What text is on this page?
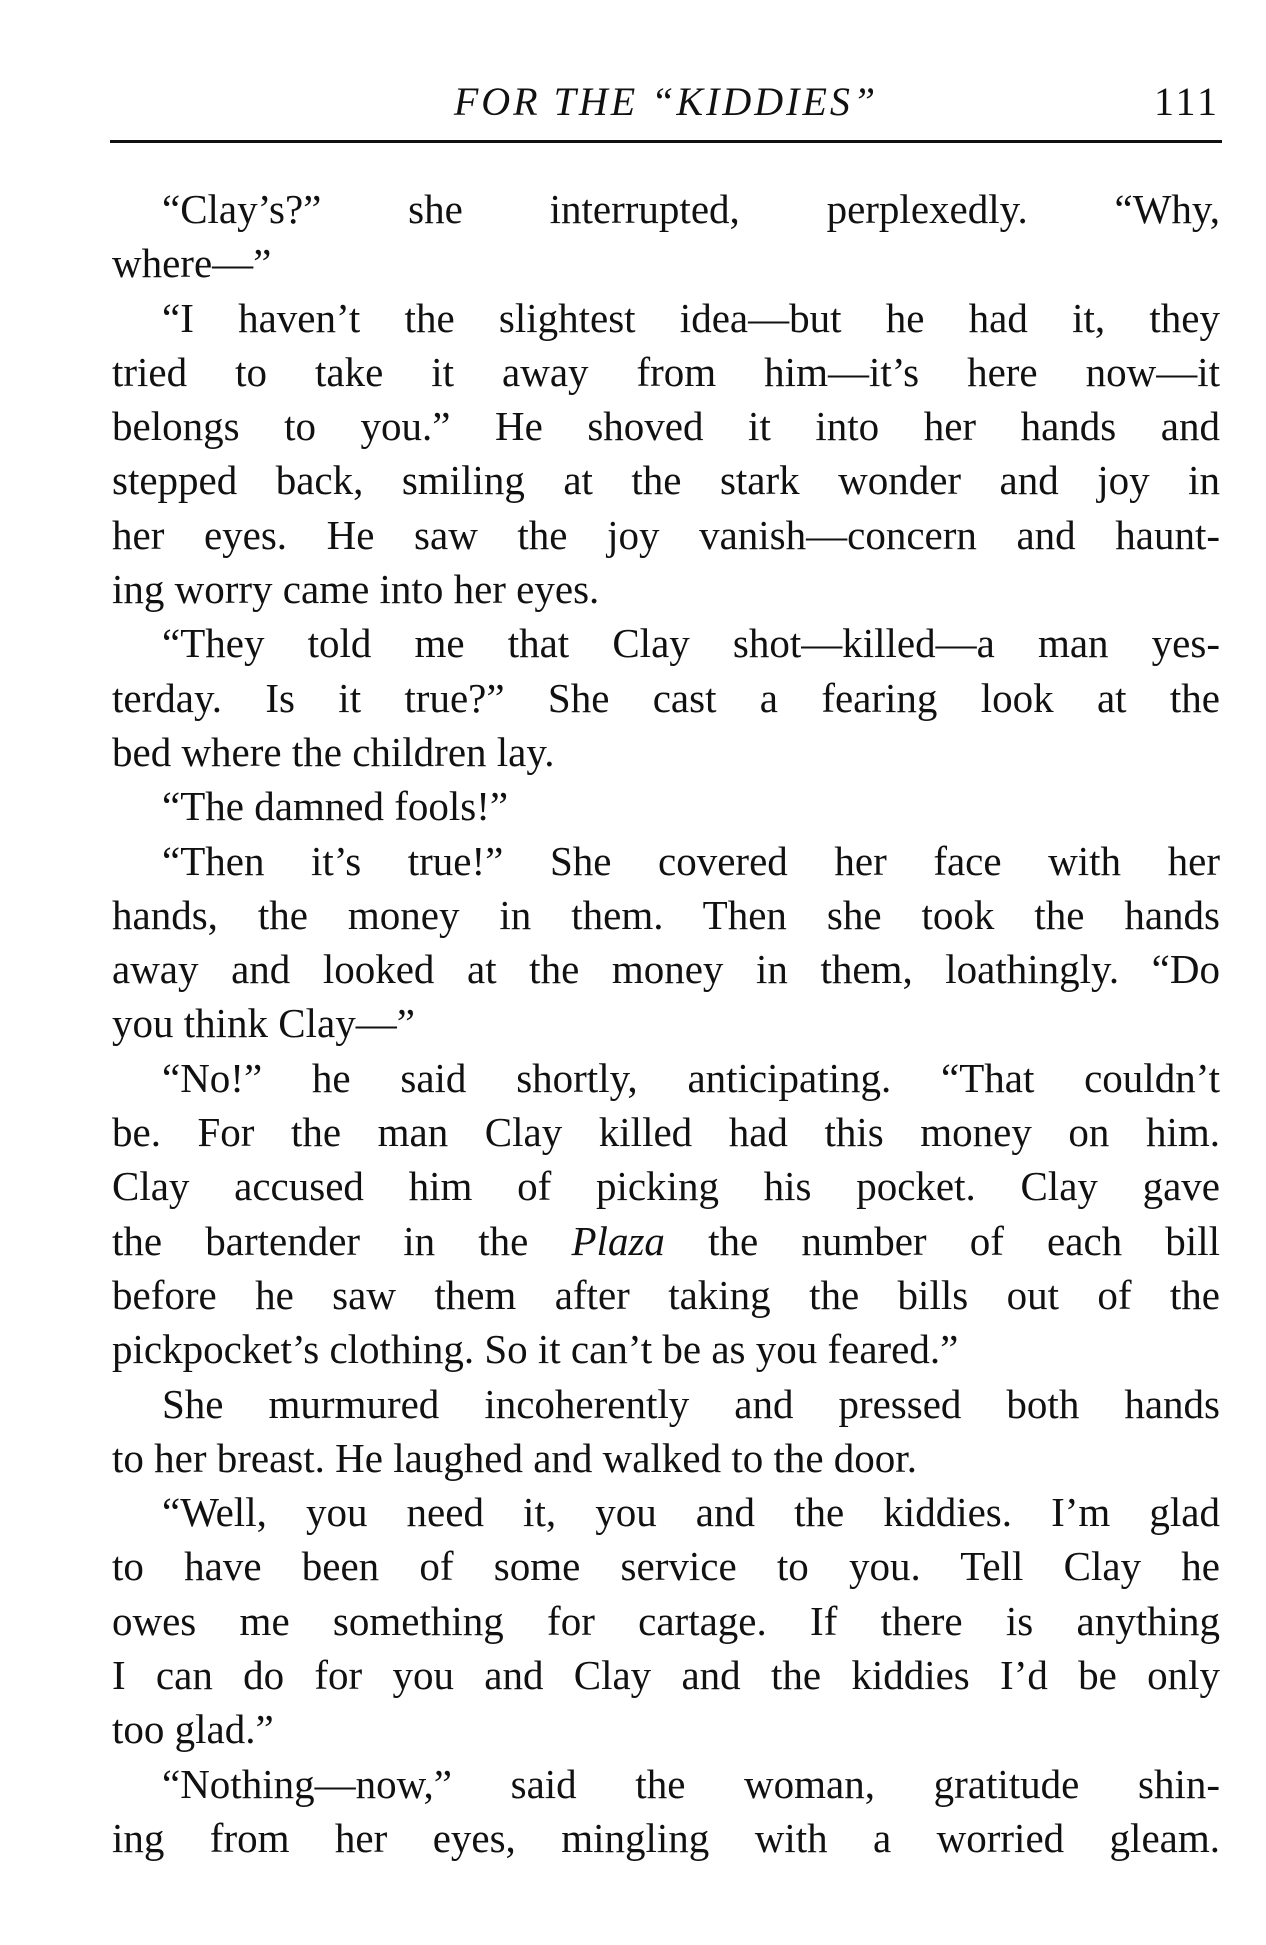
FOR THE “KIDDIES”	111
“Clay’s?” she interrupted, perplexedly. “Why,
where—”
“I haven’t the slightest idea—but he had it, they
tried to take it away from him—it’s here now—it
belongs to you.” He shoved it into her hands and
stepped back, smiling at the stark wonder and joy in
her eyes. He saw the joy vanish—concern and haunt-
ing worry came into her eyes.
“They told me that Clay shot—killed—a man yes-
terday. Is it true?” She cast a fearing look at the
bed where the children lay.
“The damned fools!”
“Then it’s true!” She covered her face with her
hands, the money in them. Then she took the hands
away and looked at the money in them, loathingly. “Do
you think Clay—”
“No!” he said shortly, anticipating. “That couldn’t
be. For the man Clay killed had this money on him.
Clay accused him of picking his pocket. Clay gave
the bartender in the Plaza the number of each bill
before he saw them after taking the bills out of the
pickpocket’s clothing. So it can’t be as you feared.”
She murmured incoherently and pressed both hands
to her breast. He laughed and walked to the door.
“Well, you need it, you and the kiddies. I’m glad
to have been of some service to you. Tell Clay he
owes me something for cartage. If there is anything
I can do for you and Clay and the kiddies I’d be only
too glad.”
“Nothing—now,” said the woman, gratitude shin-
ing from her eyes, mingling with a worried gleam.
